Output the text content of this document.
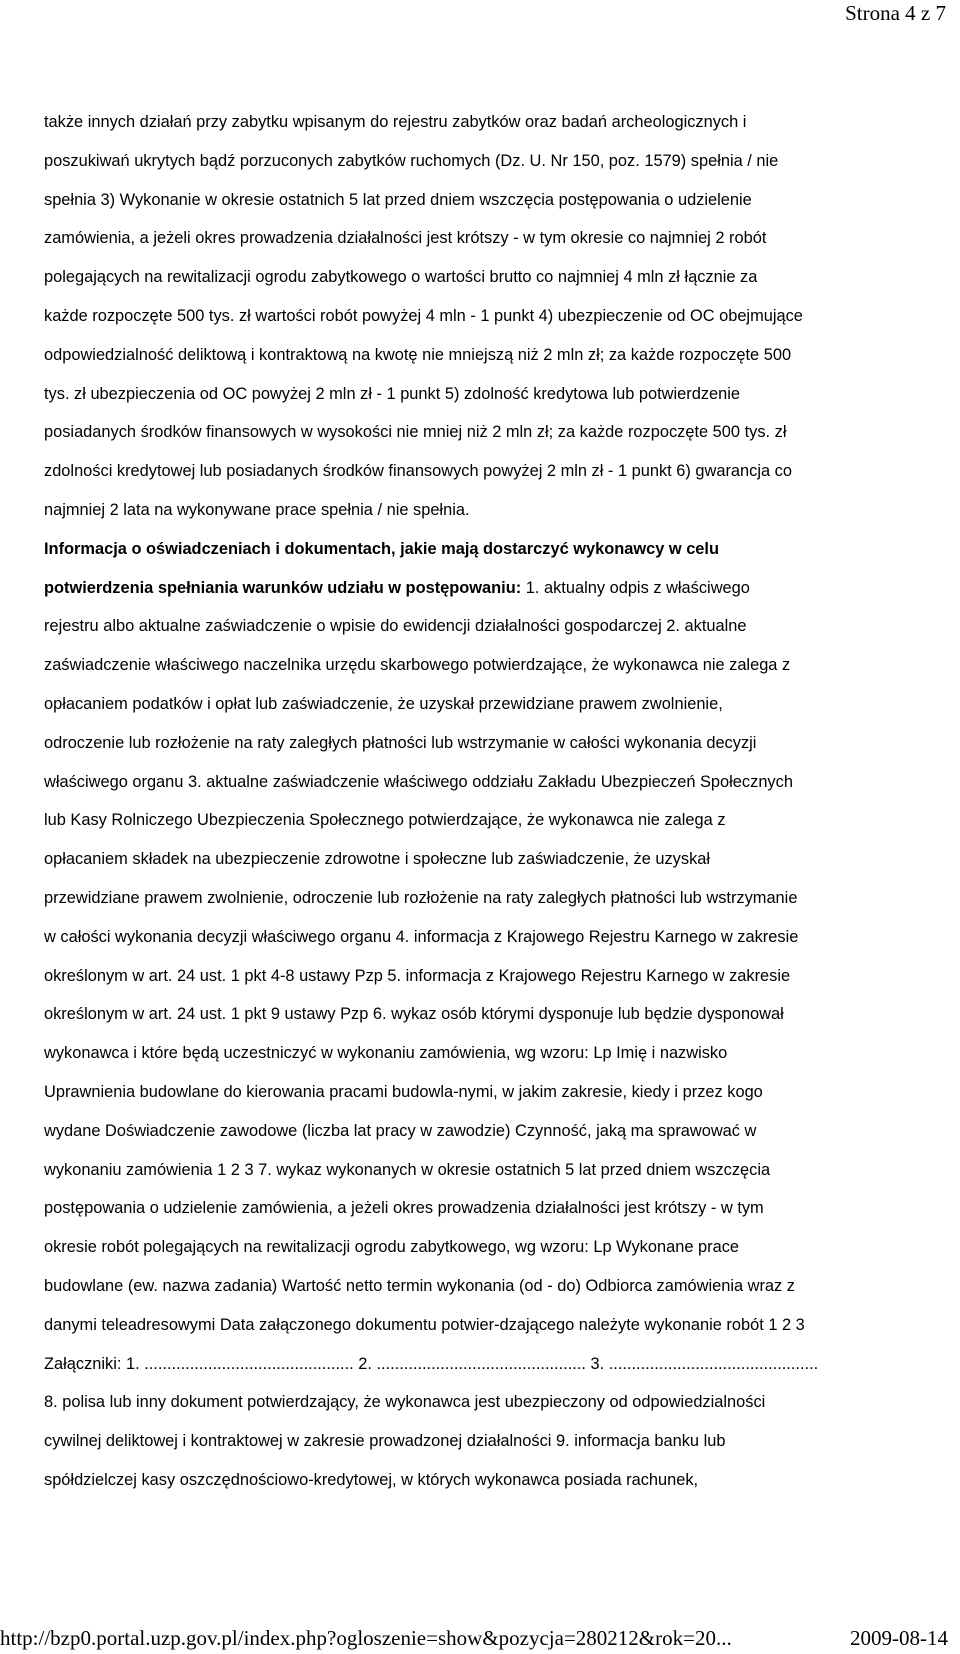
Strona 4 z 7
także innych działań przy zabytku wpisanym do rejestru zabytków oraz badań archeologicznych i
poszukiwań ukrytych bądź porzuconych zabytków ruchomych (Dz. U. Nr 150, poz. 1579) spełnia / nie
spełnia 3) Wykonanie w okresie ostatnich 5 lat przed dniem wszczęcia postępowania o udzielenie
zamówienia, a jeżeli okres prowadzenia działalności jest krótszy - w tym okresie co najmniej 2 robót
polegających na rewitalizacji ogrodu zabytkowego o wartości brutto co najmniej 4 mln zł łącznie za
każde rozpoczęte 500 tys. zł wartości robót powyżej 4 mln - 1 punkt 4) ubezpieczenie od OC obejmujące
odpowiedzialność deliktową i kontraktową na kwotę nie mniejszą niż 2 mln zł; za każde rozpoczęte 500
tys. zł ubezpieczenia od OC powyżej 2 mln zł - 1 punkt 5) zdolność kredytowa lub potwierdzenie
posiadanych środków finansowych w wysokości nie mniej niż 2 mln zł; za każde rozpoczęte 500 tys. zł
zdolności kredytowej lub posiadanych środków finansowych powyżej 2 mln zł - 1 punkt 6) gwarancja co
najmniej 2 lata na wykonywane prace spełnia / nie spełnia.
Informacja o oświadczeniach i dokumentach, jakie mają dostarczyć wykonawcy w celu
potwierdzenia spełniania warunków udziału w postępowaniu: 1. aktualny odpis z właściwego
rejestru albo aktualne zaświadczenie o wpisie do ewidencji działalności gospodarczej 2. aktualne
zaświadczenie właściwego naczelnika urzędu skarbowego potwierdzające, że wykonawca nie zalega z
opłacaniem podatków i opłat lub zaświadczenie, że uzyskał przewidziane prawem zwolnienie,
odroczenie lub rozłożenie na raty zaległych płatności lub wstrzymanie w całości wykonania decyzji
właściwego organu 3. aktualne zaświadczenie właściwego oddziału Zakładu Ubezpieczeń Społecznych
lub Kasy Rolniczego Ubezpieczenia Społecznego potwierdzające, że wykonawca nie zalega z
opłacaniem składek na ubezpieczenie zdrowotne i społeczne lub zaświadczenie, że uzyskał
przewidziane prawem zwolnienie, odroczenie lub rozłożenie na raty zaległych płatności lub wstrzymanie
w całości wykonania decyzji właściwego organu 4. informacja z Krajowego Rejestru Karnego w zakresie
określonym w art. 24 ust. 1 pkt 4-8 ustawy Pzp 5. informacja z Krajowego Rejestru Karnego w zakresie
określonym w art. 24 ust. 1 pkt 9 ustawy Pzp 6. wykaz osób którymi dysponuje lub będzie dysponował
wykonawca i które będą uczestniczyć w wykonaniu zamówienia, wg wzoru: Lp Imię i nazwisko
Uprawnienia budowlane do kierowania pracami budowla-nymi, w jakim zakresie, kiedy i przez kogo
wydane Doświadczenie zawodowe (liczba lat pracy w zawodzie) Czynność, jaką ma sprawować w
wykonaniu zamówienia 1 2 3 7. wykaz wykonanych w okresie ostatnich 5 lat przed dniem wszczęcia
postępowania o udzielenie zamówienia, a jeżeli okres prowadzenia działalności jest krótszy - w tym
okresie robót polegających na rewitalizacji ogrodu zabytkowego, wg wzoru: Lp Wykonane prace
budowlane (ew. nazwa zadania) Wartość netto termin wykonania (od - do) Odbiorca zamówienia wraz z
danymi teleadresowymi Data załączonego dokumentu potwier-dzającego należyte wykonanie robót 1 2 3
Załączniki: 1. .............................................. 2. .............................................. 3. ..............................................
8. polisa lub inny dokument potwierdzający, że wykonawca jest ubezpieczony od odpowiedzialności
cywilnej deliktowej i kontraktowej w zakresie prowadzonej działalności 9. informacja banku lub
spółdzielczej kasy oszczędnościowo-kredytowej, w których wykonawca posiada rachunek,
http://bzp0.portal.uzp.gov.pl/index.php?ogloszenie=show&pozycja=280212&rok=20...	2009-08-14
